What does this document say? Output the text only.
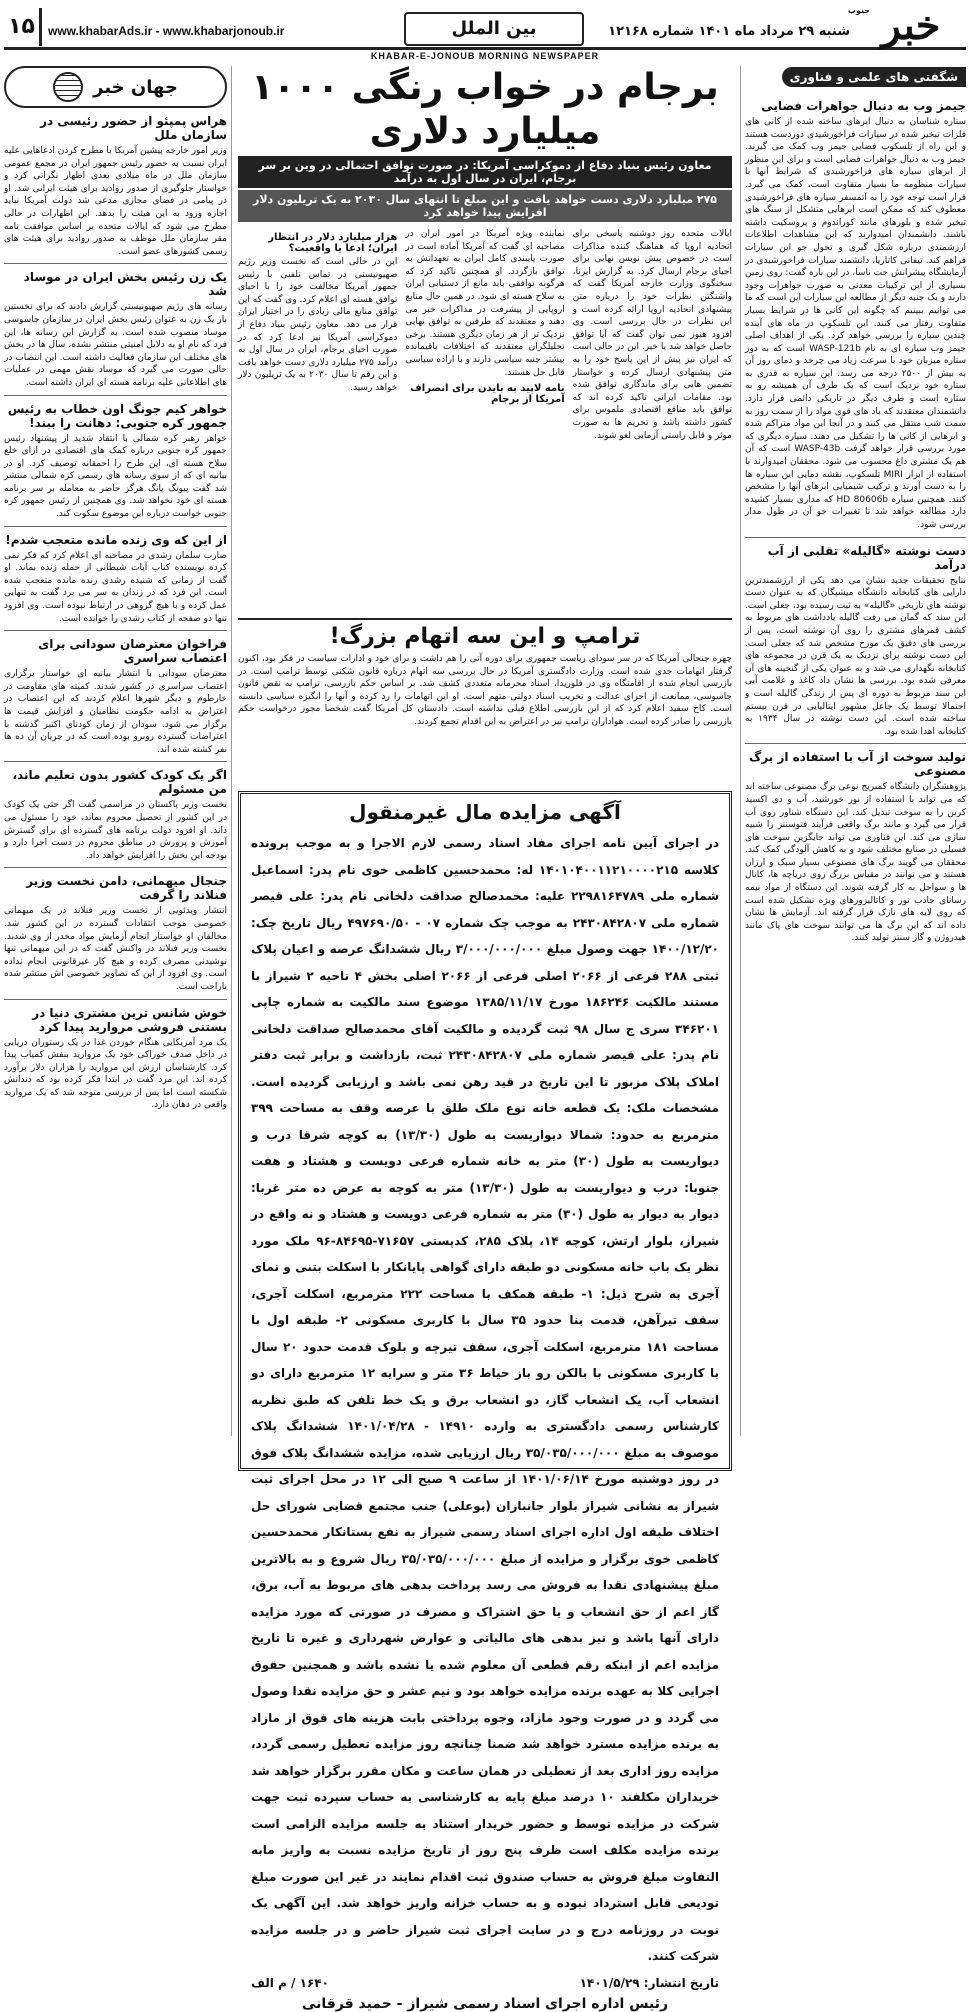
خبر
جنوب
شنبه ۲۹ مرداد ماه ۱۴۰۱ شماره ۱۲۱۶۸
بین الملل
www.khabarAds.ir - www.khabarjonoub.ir
۱۵
KHABAR-E-JONOUB MORNING NEWSPAPER
شگفتی های علمی و فناوری
جیمز وب به دنبال جواهرات فضایی
ستاره شناسان به دنبال ابرهای ساخته شده از کانی های فلزات تبخیر شده در سیارات فراخورشیدی دوردست هستند و این راه از تلسکوپ فضایی جیمز وب کمک می گیرند. جیمز وب به دنبال جواهرات فضایی است و برای این منظور از ابرهای سیاره های فراخورشیدی که شرایط آنها با سیارات منظومه ما بسیار متفاوت است، کمک می گیرد. قرار است توجه خود را به اتمسفر سیاره های فراخورشیدی معطوف کند که ممکن است ابرهایی متشکل از سنگ های تبخیر شده و بلورهای مانند کوراندوم و پروسکیت داشته باشند. دانشمندان امیدوارند که این مشاهدات اطلاعات ارزشمندی درباره شکل گیری و تحول جو این سیارات فراهم کند. تیفانی کاتاریا، دانشمند سیارات فراخورشیدی در آزمایشگاه پیشرانش جت ناسا، در این باره گفت: روی زمین بسیاری از این ترکیبات معدنی به صورت جواهرات وجود دارند و یک جنبه دیگر از مطالعه این سیارات این است که ما می توانیم ببینیم که چگونه این کانی ها در شرایط بسیار متفاوت رفتار می کنند. این تلسکوپ در ماه های آینده چندین سیاره را بررسی خواهد کرد. یکی از اهداف اصلی جیمز وب سیاره ای به نام WASP-121b است که به دور ستاره میزبان خود با سرعت زیاد می چرخد و دمای روز آن به بیش از ۲۵۰۰ درجه می رسد. این سیاره به قدری به ستاره خود نزدیک است که یک طرف آن همیشه رو به ستاره است و طرف دیگر در تاریکی دائمی قرار دارد. دانشمندان معتقدند که باد های قوی مواد را از سمت روز به سمت شب منتقل می کنند و در آنجا این مواد متراکم شده و ابرهایی از کانی ها را تشکیل می دهند. سیاره دیگری که مورد بررسی قرار خواهد گرفت WASP-43b است که آن هم یک مشتری داغ محسوب می شود. محققان امیدوارند با استفاده از ابزار MIRI تلسکوپ، نقشه دمایی این سیاره ها را به دست آورند و ترکیب شیمیایی ابرهای آنها را مشخص کنند. همچنین سیاره HD 80606b که مداری بسیار کشیده دارد مطالعه خواهد شد تا تغییرات جو آن در طول مدار بررسی شود.
دست نوشته «گالیله» تقلبی از آب درآمد
نتایج تحقیقات جدید نشان می دهد یکی از ارزشمندترین دارایی های کتابخانه دانشگاه میشیگان که به عنوان دست نوشته های تاریخی «گالیله» به ثبت رسیده بود، جعلی است. این سند که گمان می رفت گالیله یادداشت های مربوط به کشف قمرهای مشتری را روی آن نوشته است، پس از بررسی های دقیق یک مورخ مشخص شد که جعلی است. این دست نوشته برای نزدیک به یک قرن در مجموعه های کتابخانه نگهداری می شد و به عنوان یکی از گنجینه های آن معرفی شده بود. بررسی ها نشان داد کاغذ و علامت آبی این سند مربوط به دوره ای پس از زندگی گالیله است و احتمالا توسط یک جاعل مشهور ایتالیایی در قرن بیستم ساخته شده است. این دست نوشته در سال ۱۹۳۴ به کتابخانه اهدا شده بود.
تولید سوخت از آب با استفاده از برگ مصنوعی
پژوهشگران دانشگاه کمبریج نوعی برگ مصنوعی ساخته اند که می تواند با استفاده از نور خورشید، آب و دی اکسید کربن را به سوخت تبدیل کند. این دستگاه شناور روی آب قرار می گیرد و مانند برگ واقعی فرآیند فتوسنتز را شبیه سازی می کند. این فناوری می تواند جایگزین سوخت های فسیلی در صنایع مختلف شود و به کاهش آلودگی کمک کند. محققان می گویند برگ های مصنوعی بسیار سبک و ارزان هستند و می توانند در مقیاس بزرگ روی دریاچه ها، کانال ها و سواحل به کار گرفته شوند. این دستگاه از مواد نیمه رسانای جاذب نور و کاتالیزورهای ویژه تشکیل شده است که روی لایه های نازک قرار گرفته اند. آزمایش ها نشان داده اند که این برگ ها می توانند سوخت های پاک مانند هیدروژن و گاز سنتز تولید کنند.
جهان خبر
هراس پمپئو از حضور رئیسی در سازمان ملل
وزیر امور خارجه پیشین آمریکا با مطرح کردن ادعاهایی علیه ایران نسبت به حضور رئیس جمهور ایران در مجمع عمومی سازمان ملل در ماه میلادی بعدی اظهار نگرانی کرد و خواستار جلوگیری از صدور روادید برای هیئت ایرانی شد. او در پیامی در فضای مجازی مدعی شد دولت آمریکا نباید اجازه ورود به این هیئت را بدهد. این اظهارات در حالی مطرح می شود که ایالات متحده بر اساس موافقت نامه مقر سازمان ملل موظف به صدور روادید برای هیئت های رسمی کشورهای عضو است.
یک زن رئیس بخش ایران در موساد شد
رسانه های رژیم صهیونیستی گزارش دادند که برای نخستین بار یک زن به عنوان رئیس بخش ایران در سازمان جاسوسی موساد منصوب شده است. به گزارش این رسانه ها، این فرد که نام او به دلایل امنیتی منتشر نشده، سال ها در بخش های مختلف این سازمان فعالیت داشته است. این انتصاب در حالی صورت می گیرد که موساد نقش مهمی در عملیات های اطلاعاتی علیه برنامه هسته ای ایران داشته است.
خواهر کیم جونگ اون خطاب به رئیس جمهور کره جنوبی: دهانت را ببند!
خواهر رهبر کره شمالی با انتقاد شدید از پیشنهاد رئیس جمهور کره جنوبی درباره کمک های اقتصادی در ازای خلع سلاح هسته ای، این طرح را احمقانه توصیف کرد. او در بیانیه ای که از سوی رسانه های رسمی کره شمالی منتشر شد گفت پیونگ یانگ هرگز حاضر به معامله بر سر برنامه هسته ای خود نخواهد شد. وی همچنین از رئیس جمهور کره جنوبی خواست درباره این موضوع سکوت کند.
از این که وی زنده مانده متعجب شدم!
ضارب سلمان رشدی در مصاحبه ای اعلام کرد که فکر نمی کرده نویسنده کتاب آیات شیطانی از حمله زنده بماند. او گفت از زمانی که شنیده رشدی زنده مانده متعجب شده است. این فرد که در زندان به سر می برد گفت به تنهایی عمل کرده و با هیچ گروهی در ارتباط نبوده است. وی افزود تنها دو صفحه از کتاب رشدی را خوانده است.
فراخوان معترضان سودانی برای اعتصاب سراسری
معترضان سودانی با انتشار بیانیه ای خواستار برگزاری اعتصاب سراسری در کشور شدند. کمیته های مقاومت در خارطوم و دیگر شهرها اعلام کردند که این اعتصاب در اعتراض به ادامه حکومت نظامیان و افزایش قیمت ها برگزار می شود. سودان از زمان کودتای اکتبر گذشته با اعتراضات گسترده روبرو بوده است که در جریان آن ده ها نفر کشته شده اند.
اگر یک کودک کشور بدون تعلیم ماند، من مسئولم
نخست وزیر پاکستان در مراسمی گفت اگر حتی یک کودک در این کشور از تحصیل محروم بماند، خود را مسئول می داند. او افزود دولت برنامه های گسترده ای برای گسترش آموزش و پرورش در مناطق محروم در دست اجرا دارد و بودجه این بخش را افزایش خواهد داد.
جنجال میهمانی، دامن نخست وزیر فنلاند را گرفت
انتشار ویدئویی از نخست وزیر فنلاند در یک میهمانی خصوصی موجب انتقادات گسترده در این کشور شد. مخالفان او خواستار انجام آزمایش مواد مخدر از وی شدند. نخست وزیر فنلاند در واکنش گفت که در این میهمانی تنها نوشیدنی مصرف کرده و هیچ کار غیرقانونی انجام نداده است. وی افزود از این که تصاویر خصوصی اش منتشر شده ناراحت است.
خوش شانس ترین مشتری دنیا در بستنی فروشی مروارید پیدا کرد
یک مرد آمریکایی هنگام خوردن غذا در یک رستوران دریایی در داخل صدف خوراکی خود یک مروارید بنفش کمیاب پیدا کرد. کارشناسان ارزش این مروارید را هزاران دلار برآورد کرده اند. این مرد گفت در ابتدا فکر کرده بود که دندانش شکسته است اما پس از بررسی متوجه شد که یک مروارید واقعی در دهان دارد.
برجام در خواب رنگی ۱۰۰۰ میلیارد دلاری
معاون رئیس بنیاد دفاع از دموکراسی آمریکا: در صورت توافق احتمالی در وین بر سر برجام، ایران در سال اول به درآمد
۲۷۵ میلیارد دلاری دست خواهد یافت و این مبلغ تا انتهای سال ۲۰۳۰ به یک تریلیون دلار افزایش پیدا خواهد کرد
ایالات متحده روز دوشنبه پاسخی برای اتحادیه اروپا که هماهنگ کننده مذاکرات است در خصوص پیش نویس نهایی برای احیای برجام ارسال کرد. به گزارش ایرنا، سخنگوی وزارت خارجه آمریکا گفت که واشنگتن نظرات خود را درباره متن پیشنهادی اتحادیه اروپا ارائه کرده است و این نظرات در حال بررسی است. وی افزود هنوز نمی توان گفت که آیا توافق حاصل خواهد شد یا خیر. این در حالی است که ایران نیز پیش از این پاسخ خود را به متن پیشنهادی ارسال کرده و خواستار تضمین هایی برای ماندگاری توافق شده بود. مقامات ایرانی تاکید کرده اند که توافق باید منافع اقتصادی ملموس برای کشور داشته باشد و تحریم ها به صورت موثر و قابل راستی آزمایی لغو شوند.
نماینده ویژه آمریکا در امور ایران در مصاحبه ای گفت که آمریکا آماده است در صورت پایبندی کامل ایران به تعهداتش به توافق بازگردد. او همچنین تاکید کرد که هرگونه توافقی باید مانع از دستیابی ایران به سلاح هسته ای شود. در همین حال منابع اروپایی از پیشرفت در مذاکرات خبر می دهند و معتقدند که طرفین به توافق نهایی نزدیک تر از هر زمان دیگری هستند. برخی تحلیلگران معتقدند که اختلافات باقیمانده بیشتر جنبه سیاسی دارند و با اراده سیاسی قابل حل هستند.
نامه لاپید به بایدن برای انصراف آمریکا از برجام
هزار میلیارد دلار در انتظار ایران؛ ادعا یا واقعیت؟
این در حالی است که نخست وزیر رژیم صهیونیستی در تماس تلفنی با رئیس جمهور آمریکا مخالفت خود را با احیای توافق هسته ای اعلام کرد. وی گفت که این توافق منابع مالی زیادی را در اختیار ایران قرار می دهد. معاون رئیس بنیاد دفاع از دموکراسی آمریکا نیز ادعا کرد که در صورت احیای برجام، ایران در سال اول به درآمد ۲۷۵ میلیارد دلاری دست خواهد یافت و این رقم تا سال ۲۰۳۰ به یک تریلیون دلار خواهد رسید.
ترامپ و این سه اتهام بزرگ!
چهره جنجالی آمریکا که در سر سودای ریاست جمهوری برای دوره آتی را هم داشت و برای خود و ادارات سیاست در فکر بود، اکنون گرفتار اتهامات جدی شده است. وزارت دادگستری آمریکا در حال بررسی سه اتهام درباره قانون شکنی توسط ترامپ است. در بازرسی انجام شده از اقامتگاه وی در فلوریدا، اسناد محرمانه متعددی کشف شد. بر اساس حکم بازرسی، ترامپ به نقض قانون جاسوسی، ممانعت از اجرای عدالت و تخریب اسناد دولتی متهم است. او این اتهامات را رد کرده و آنها را انگیزه سیاسی دانسته است. کاخ سفید اعلام کرد که از این بازرسی اطلاع قبلی نداشته است. دادستان کل آمریکا گفت شخصا مجوز درخواست حکم بازرسی را صادر کرده است. هواداران ترامپ نیز در اعتراض به این اقدام تجمع کردند.
آگهی مزایده مال غیرمنقول
در اجرای آیین نامه اجرای مفاد اسناد رسمی لازم الاجرا و به موجب پرونده کلاسه ۱۴۰۱۰۴۰۰۱۱۲۱۰۰۰۰۲۱۵ له: محمدحسین کاظمی خوی نام پدر: اسماعیل شماره ملی ۲۲۹۸۱۶۴۷۸۹ علیه: محمدصالح صداقت دلخانی نام پدر: علی قیصر شماره ملی ۲۴۳۰۸۴۲۸۰۷ به موجب چک شماره ۰۷ - ۴۹۷۶۹۰/۵۰ ریال تاریخ چک: ۱۴۰۰/۱۲/۲۰ جهت وصول مبلغ ۳/۰۰۰/۰۰۰/۰۰۰ ریال ششدانگ عرصه و اعیان پلاک ثبتی ۲۸۸ فرعی از ۲۰۶۶ اصلی فرعی از ۲۰۶۶ اصلی بخش ۴ ناحیه ۲ شیراز با مستند مالکیت ۱۸۶۲۴۶ مورخ ۱۳۸۵/۱۱/۱۷ موضوع سند مالکیت به شماره چاپی ۳۴۶۲۰۱ سری ج سال ۹۸ ثبت گردیده و مالکیت آقای محمدصالح صداقت دلخانی نام پدر: علی قیصر شماره ملی ۲۴۳۰۸۴۲۸۰۷ ثبت، بازداشت و برابر ثبت دفتر املاک پلاک مزبور تا این تاریخ در قید رهن نمی باشد و ارزیابی گردیده است. مشخصات ملک: یک قطعه خانه نوع ملک طلق با عرصه وقف به مساحت ۳۹۹ مترمربع به حدود: شمالا دیواریست به طول (۱۳/۳۰) به کوچه شرقا درب و دیواریست به طول (۳۰) متر به خانه شماره فرعی دویست و هشتاد و هفت جنوبا: درب و دیواریست به طول (۱۳/۳۰) متر به کوچه به عرض ده متر غربا: دیوار به دیوار به طول (۳۰) متر به شماره فرعی دویست و هشتاد و نه واقع در شیراز، بلوار ارتش، کوچه ۱۴، پلاک ۲۸۵، کدپستی ۷۱۶۵۷-۸۴۶۹۵-۹۶ ملک مورد نظر یک باب خانه مسکونی دو طبقه دارای گواهی پایانکار با اسکلت بتنی و نمای آجری به شرح ذیل: ۱- طبقه همکف با مساحت ۲۲۲ مترمربع، اسکلت آجری، سقف تیرآهن، قدمت بنا حدود ۳۵ سال با کاربری مسکونی ۲- طبقه اول با مساحت ۱۸۱ مترمربع، اسکلت آجری، سقف تیرچه و بلوک قدمت حدود ۲۰ سال با کاربری مسکونی با بالکن رو باز حیاط ۳۶ متر و سرایه ۱۲ مترمربع دارای دو انشعاب آب، یک انشعاب گاز، دو انشعاب برق و یک خط تلفن که طبق نظریه کارشناس رسمی دادگستری به وارده ۱۴۹۱۰ - ۱۴۰۱/۰۴/۲۸ ششدانگ پلاک موصوف به مبلغ ۳۵/۰۳۵/۰۰۰/۰۰۰ ریال ارزیابی شده، مزایده ششدانگ پلاک فوق در روز دوشنبه مورخ ۱۴۰۱/۰۶/۱۴ از ساعت ۹ صبح الی ۱۲ در محل اجرای ثبت شیراز به نشانی شیراز بلوار جانبازان (بوعلی) جنب مجتمع قضایی شورای حل اختلاف طبقه اول اداره اجرای اسناد رسمی شیراز به نفع بستانکار محمدحسین کاظمی خوی برگزار و مزایده از مبلغ ۳۵/۰۳۵/۰۰۰/۰۰۰ ریال شروع و به بالاترین مبلغ پیشنهادی نقدا به فروش می رسد پرداخت بدهی های مربوط به آب، برق، گاز اعم از حق انشعاب و یا حق اشتراک و مصرف در صورتی که مورد مزایده دارای آنها باشد و نیز بدهی های مالیاتی و عوارض شهرداری و غیره تا تاریخ مزایده اعم از اینکه رقم قطعی آن معلوم شده یا نشده باشد و همچنین حقوق اجرایی کلا به عهده برنده مزایده خواهد بود و نیم عشر و حق مزایده نقدا وصول می گردد و در صورت وجود مازاد، وجوه پرداختی بابت هزینه های فوق از مازاد به برنده مزایده مسترد خواهد شد ضمنا چنانچه روز مزایده تعطیل رسمی گردد، مزایده روز اداری بعد از تعطیلی در همان ساعت و مکان مقرر برگزار خواهد شد خریداران مکلفند ۱۰ درصد مبلغ پایه به کارشناسی به حساب سپرده ثبت جهت شرکت در مزایده توسط و حضور خریدار استناد به جلسه مزایده الزامی است برنده مزایده مکلف است ظرف پنج روز از تاریخ مزایده نسبت به واریز مابه التفاوت مبلغ فروش به حساب صندوق ثبت اقدام نمایند در غیر این صورت مبلغ تودیعی قابل استرداد نبوده و به حساب خزانه واریز خواهد شد. این آگهی یک نوبت در روزنامه درج و در سایت اجرای ثبت شیراز حاضر و در جلسه مزایده شرکت کنند.
تاریخ انتشار: ۱۴۰۱/۵/۲۹
۱۶۴۰ / م الف
رئیس اداره اجرای اسناد رسمی شیراز - حمید قرقانی
